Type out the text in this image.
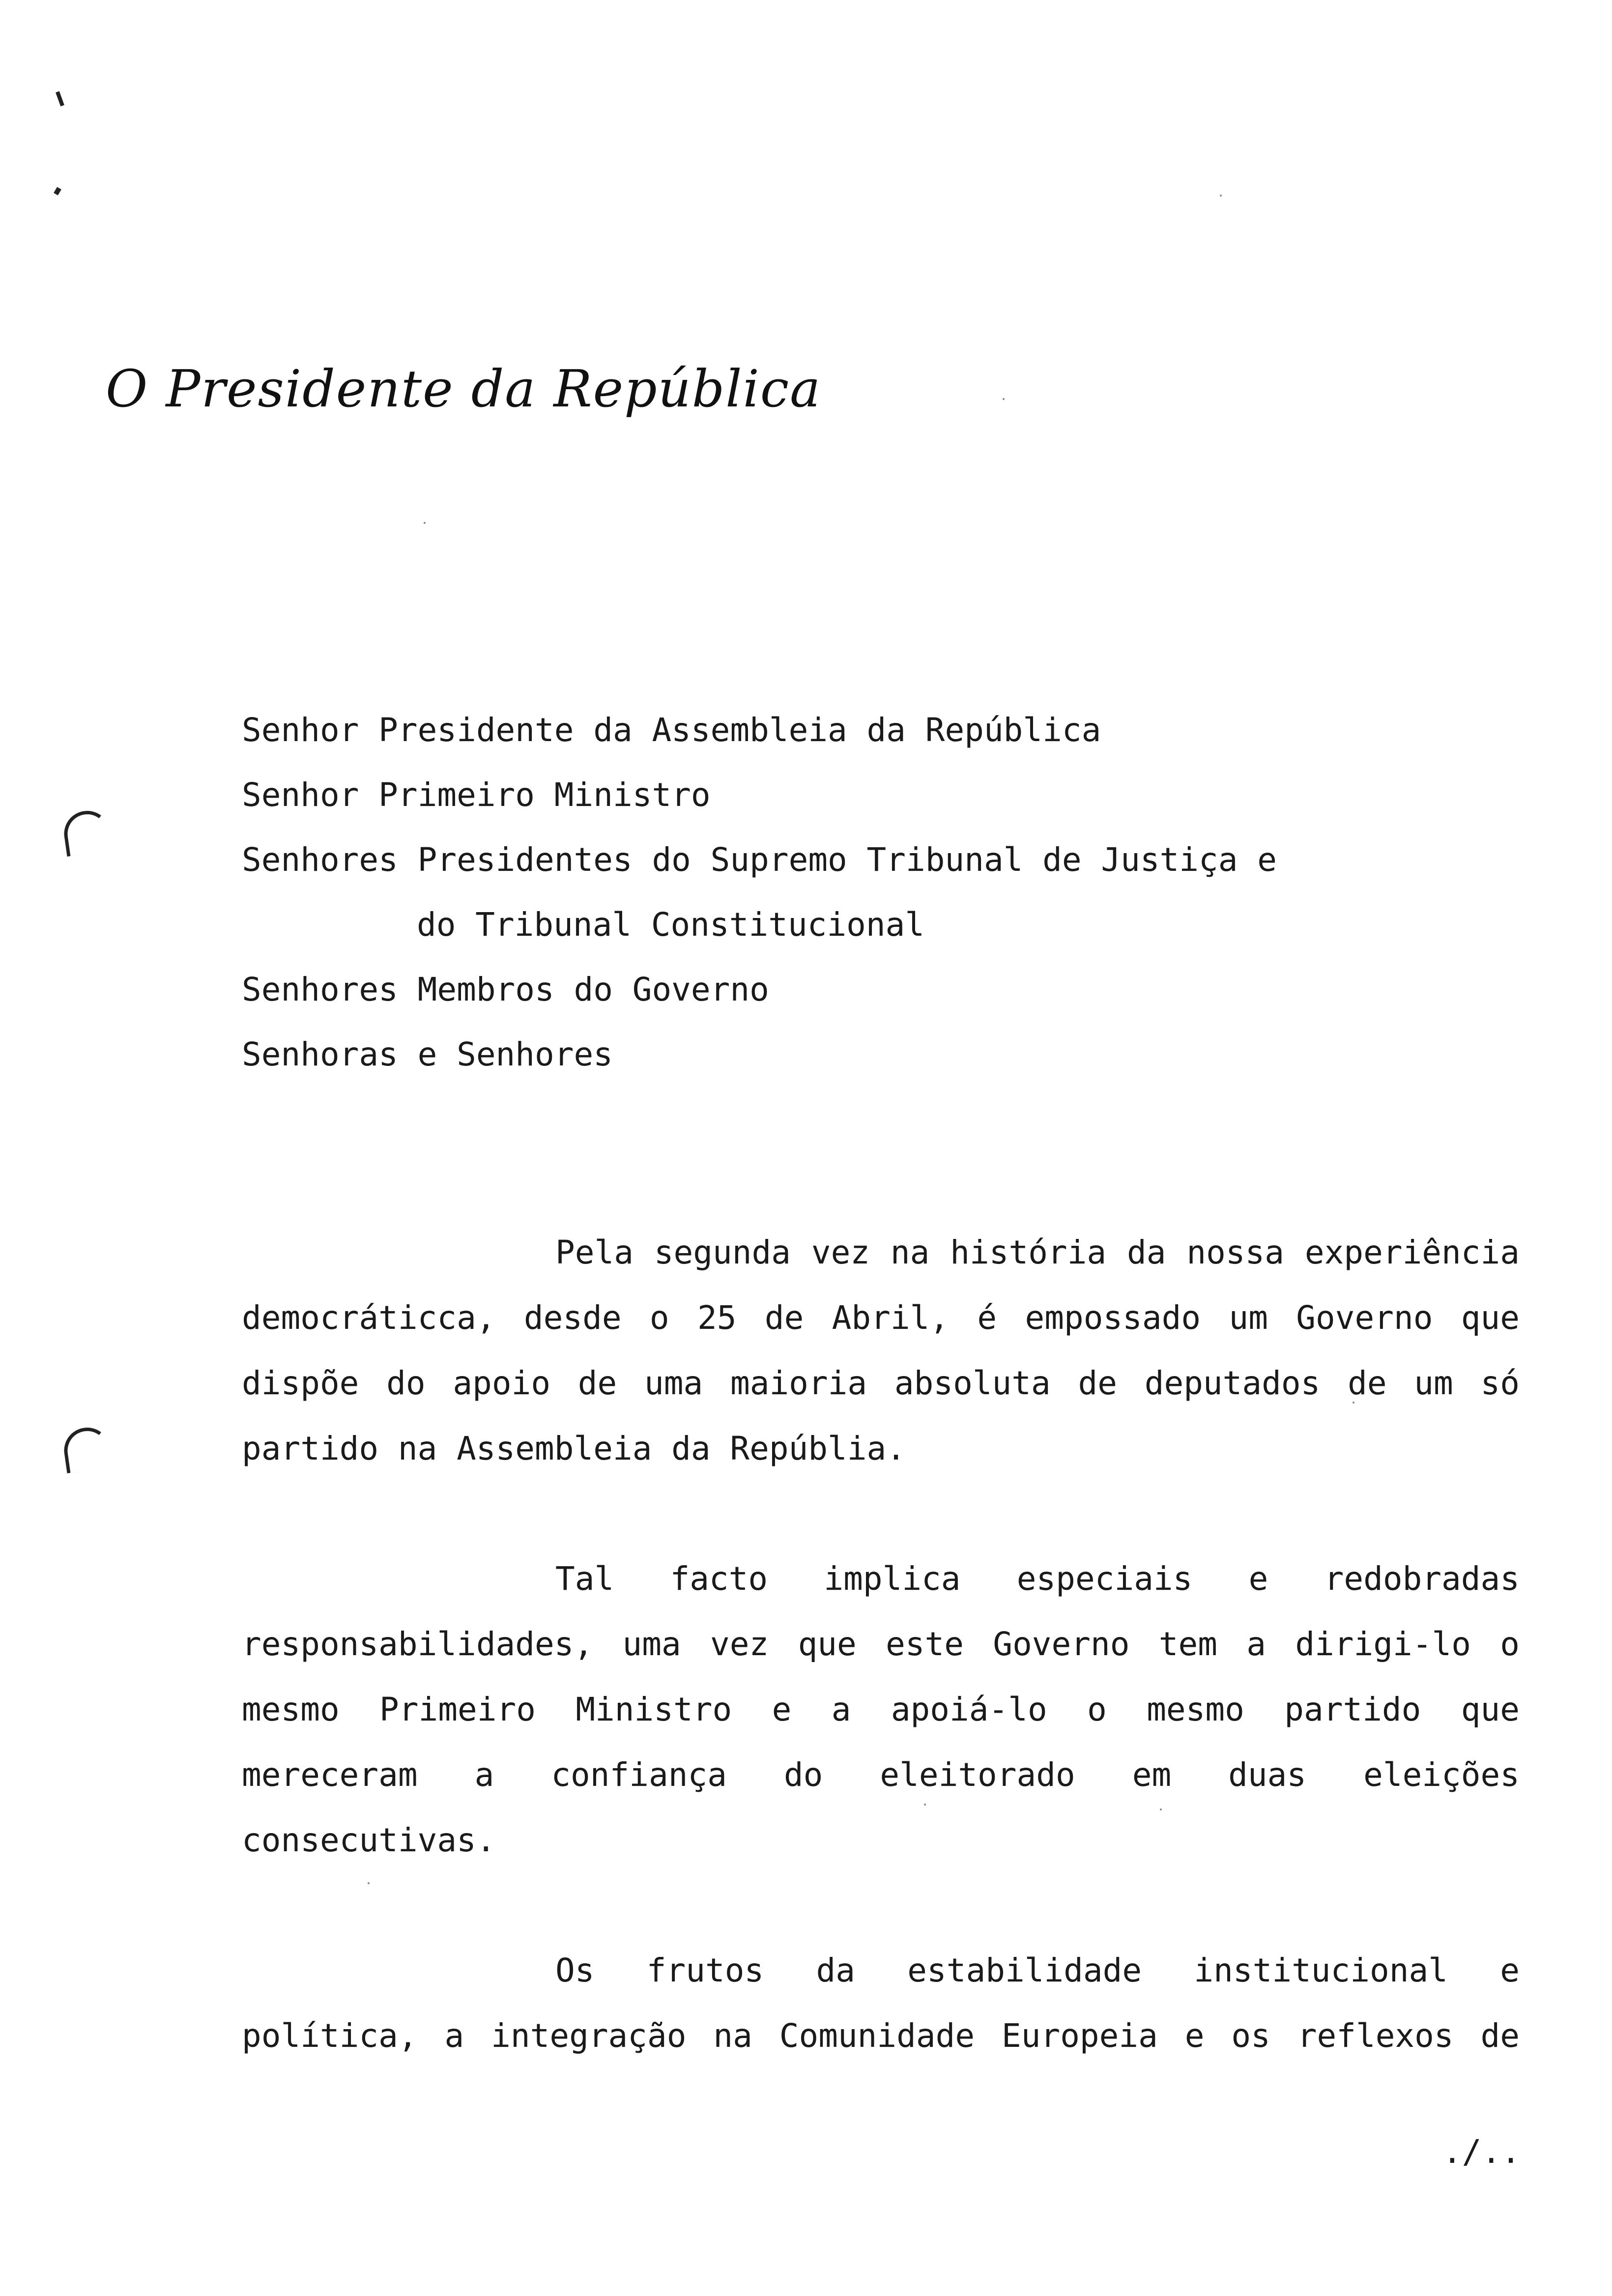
O Presidente da República
Senhor Presidente da Assembleia da República
Senhor Primeiro Ministro
Senhores Presidentes do Supremo Tribunal de Justiça e
do Tribunal Constitucional
Senhores Membros do Governo
Senhoras e Senhores
Pela segunda vez na história da nossa experiência
democráticca, desde o 25 de Abril, é empossado um Governo que
dispõe do apoio de uma maioria absoluta de deputados de um só
partido na Assembleia da Repúblia.
Tal facto implica especiais e redobradas
responsabilidades, uma vez que este Governo tem a dirigi-lo o
mesmo Primeiro Ministro e a apoiá-lo o mesmo partido que
mereceram a confiança do eleitorado em duas eleições
consecutivas.
Os frutos da estabilidade institucional e
política, a integração na Comunidade Europeia e os reflexos de
./..
